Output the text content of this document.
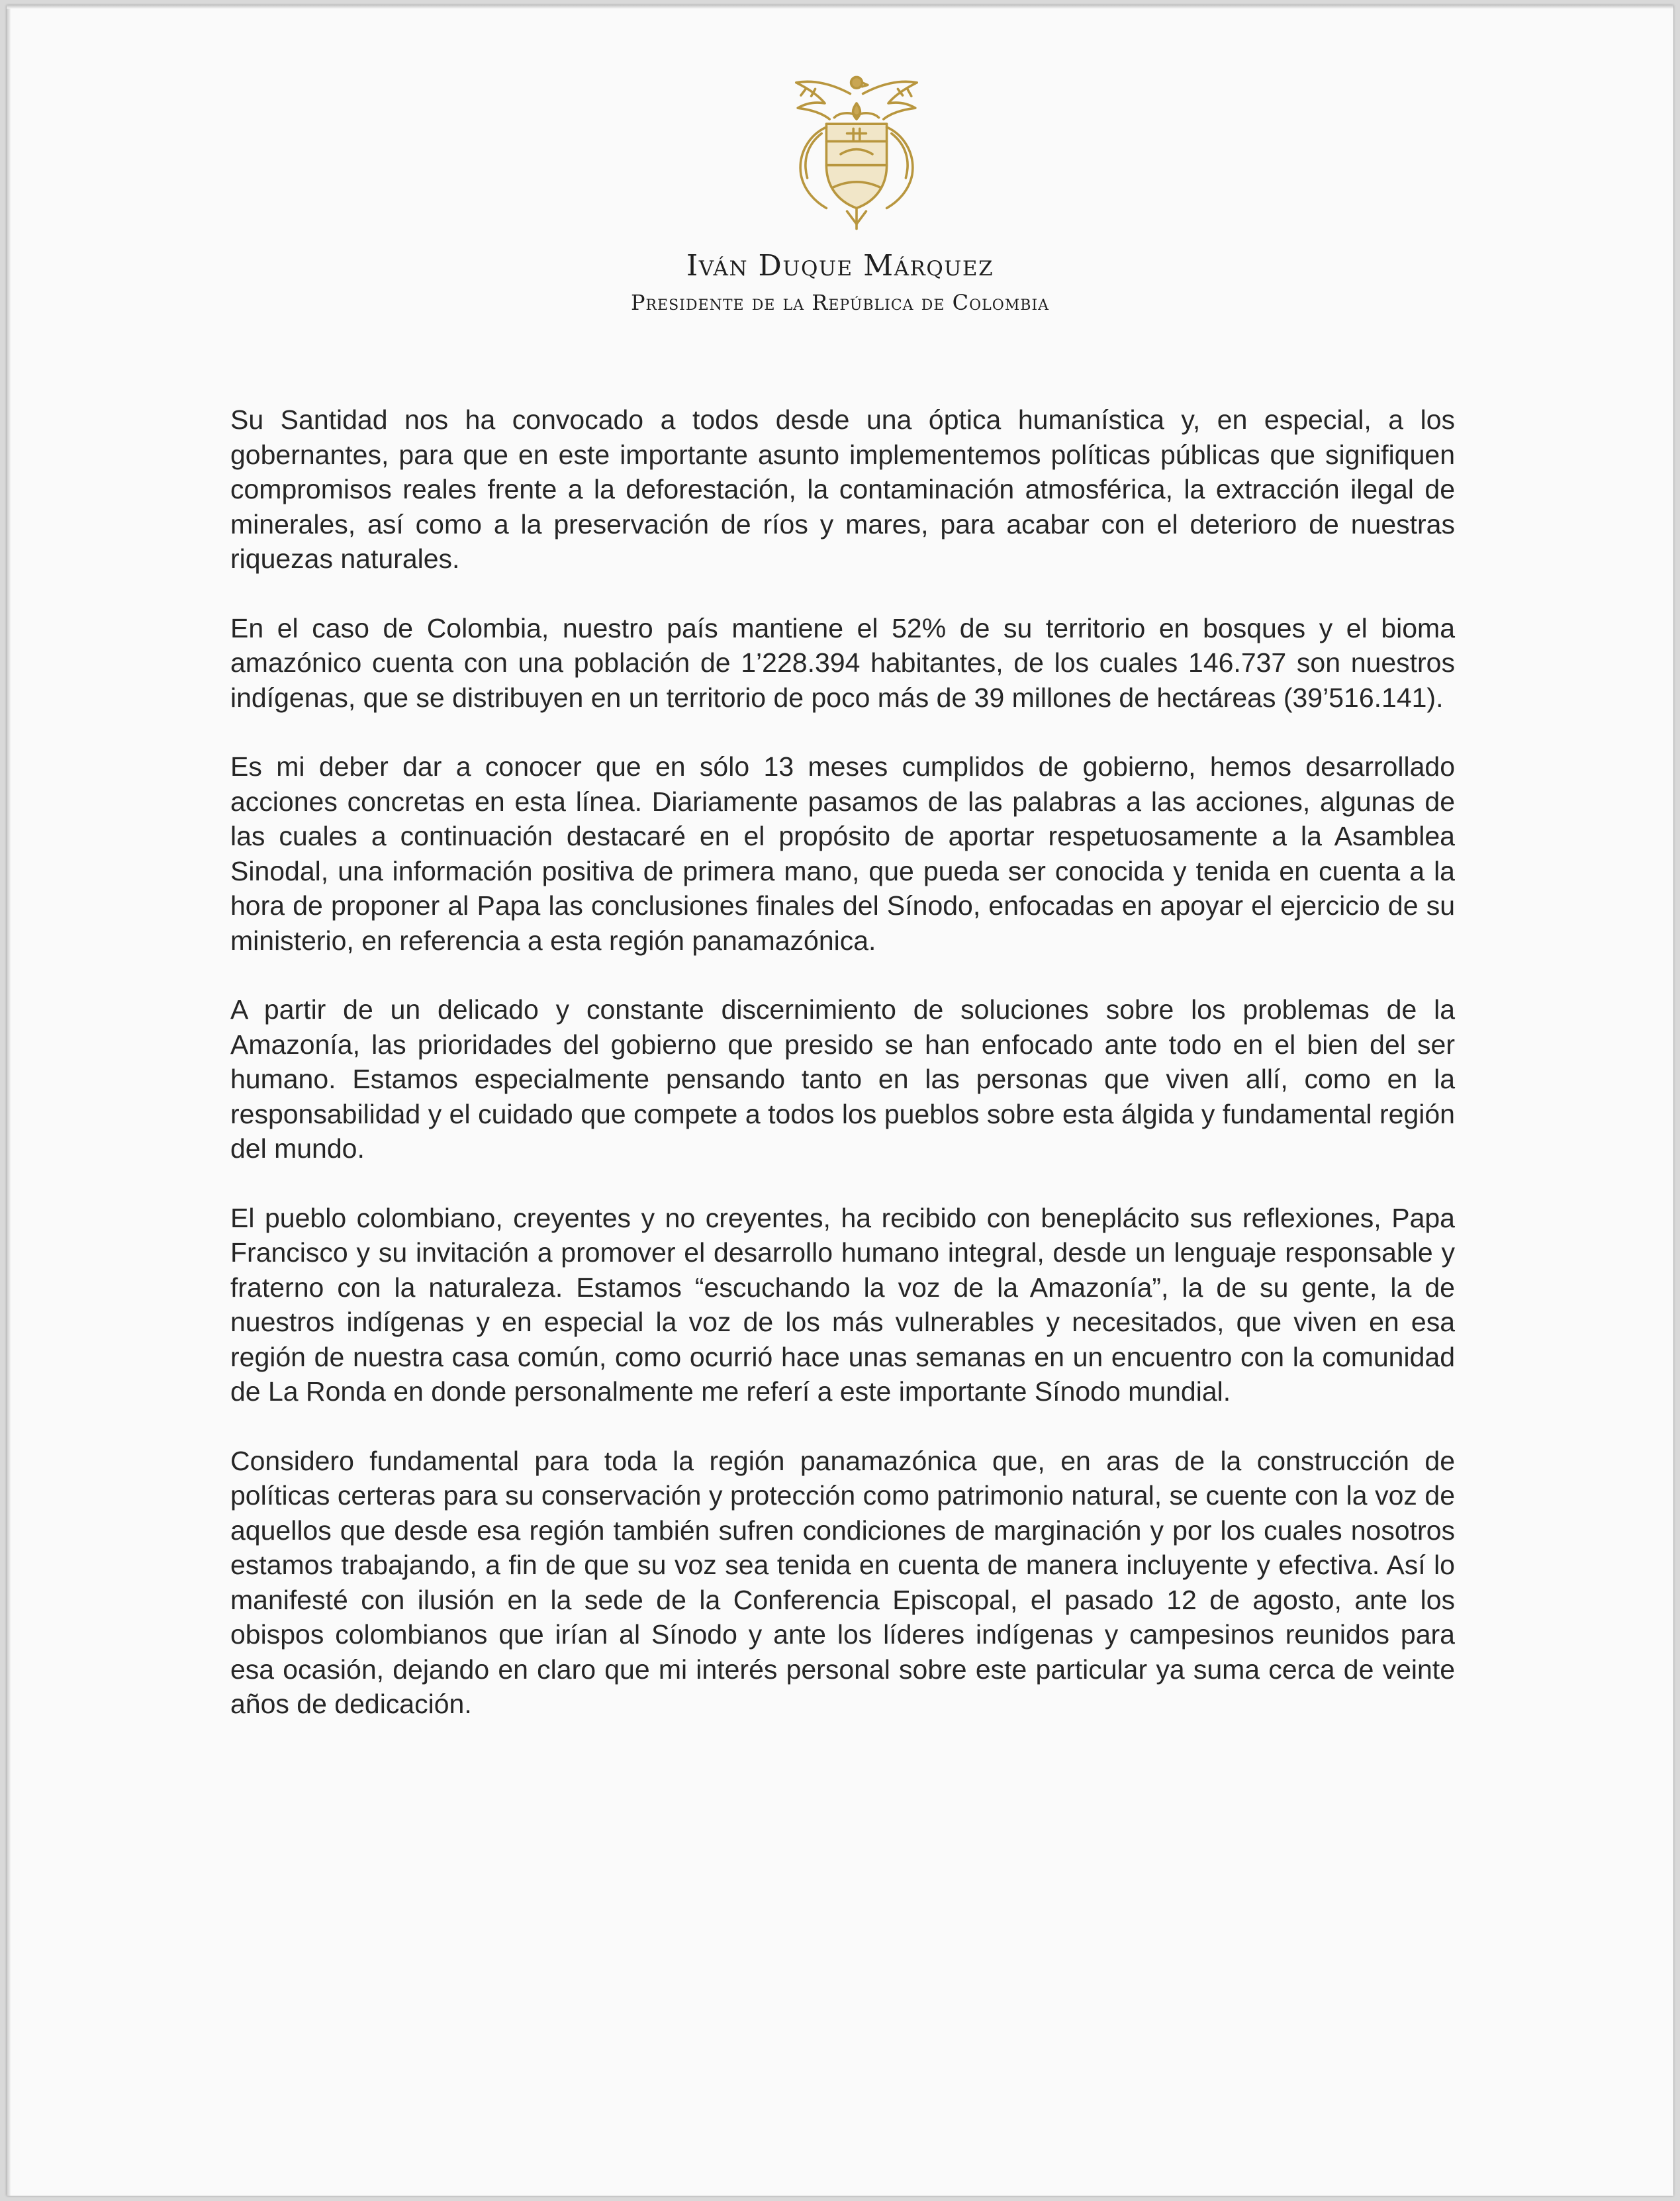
Iván Duque Márquez
Presidente de la República de Colombia

Su Santidad nos ha convocado a todos desde una óptica humanística y, en especial, a los gobernantes, para que en este importante asunto implementemos políticas públicas que signifiquen compromisos reales frente a la deforestación, la contaminación atmosférica, la extracción ilegal de minerales, así como a la preservación de ríos y mares, para acabar con el deterioro de nuestras riquezas naturales.

En el caso de Colombia, nuestro país mantiene el 52% de su territorio en bosques y el bioma amazónico cuenta con una población de 1’228.394 habitantes, de los cuales 146.737 son nuestros indígenas, que se distribuyen en un territorio de poco más de 39 millones de hectáreas (39’516.141).

Es mi deber dar a conocer que en sólo 13 meses cumplidos de gobierno, hemos desarrollado acciones concretas en esta línea. Diariamente pasamos de las palabras a las acciones, algunas de las cuales a continuación destacaré en el propósito de aportar respetuosamente a la Asamblea Sinodal, una información positiva de primera mano, que pueda ser conocida y tenida en cuenta a la hora de proponer al Papa las conclusiones finales del Sínodo, enfocadas en apoyar el ejercicio de su ministerio, en referencia a esta región panamazónica.

A partir de un delicado y constante discernimiento de soluciones sobre los problemas de la Amazonía, las prioridades del gobierno que presido se han enfocado ante todo en el bien del ser humano. Estamos especialmente pensando tanto en las personas que viven allí, como en la responsabilidad y el cuidado que compete a todos los pueblos sobre esta álgida y fundamental región del mundo.

El pueblo colombiano, creyentes y no creyentes, ha recibido con beneplácito sus reflexiones, Papa Francisco y su invitación a promover el desarrollo humano integral, desde un lenguaje responsable y fraterno con la naturaleza. Estamos “escuchando la voz de la Amazonía”, la de su gente, la de nuestros indígenas y en especial la voz de los más vulnerables y necesitados, que viven en esa región de nuestra casa común, como ocurrió hace unas semanas en un encuentro con la comunidad de La Ronda en donde personalmente me referí a este importante Sínodo mundial.

Considero fundamental para toda la región panamazónica que, en aras de la construcción de políticas certeras para su conservación y protección como patrimonio natural, se cuente con la voz de aquellos que desde esa región también sufren condiciones de marginación y por los cuales nosotros estamos trabajando, a fin de que su voz sea tenida en cuenta de manera incluyente y efectiva. Así lo manifesté con ilusión en la sede de la Conferencia Episcopal, el pasado 12 de agosto, ante los obispos colombianos que irían al Sínodo y ante los líderes indígenas y campesinos reunidos para esa ocasión, dejando en claro que mi interés personal sobre este particular ya suma cerca de veinte años de dedicación.
